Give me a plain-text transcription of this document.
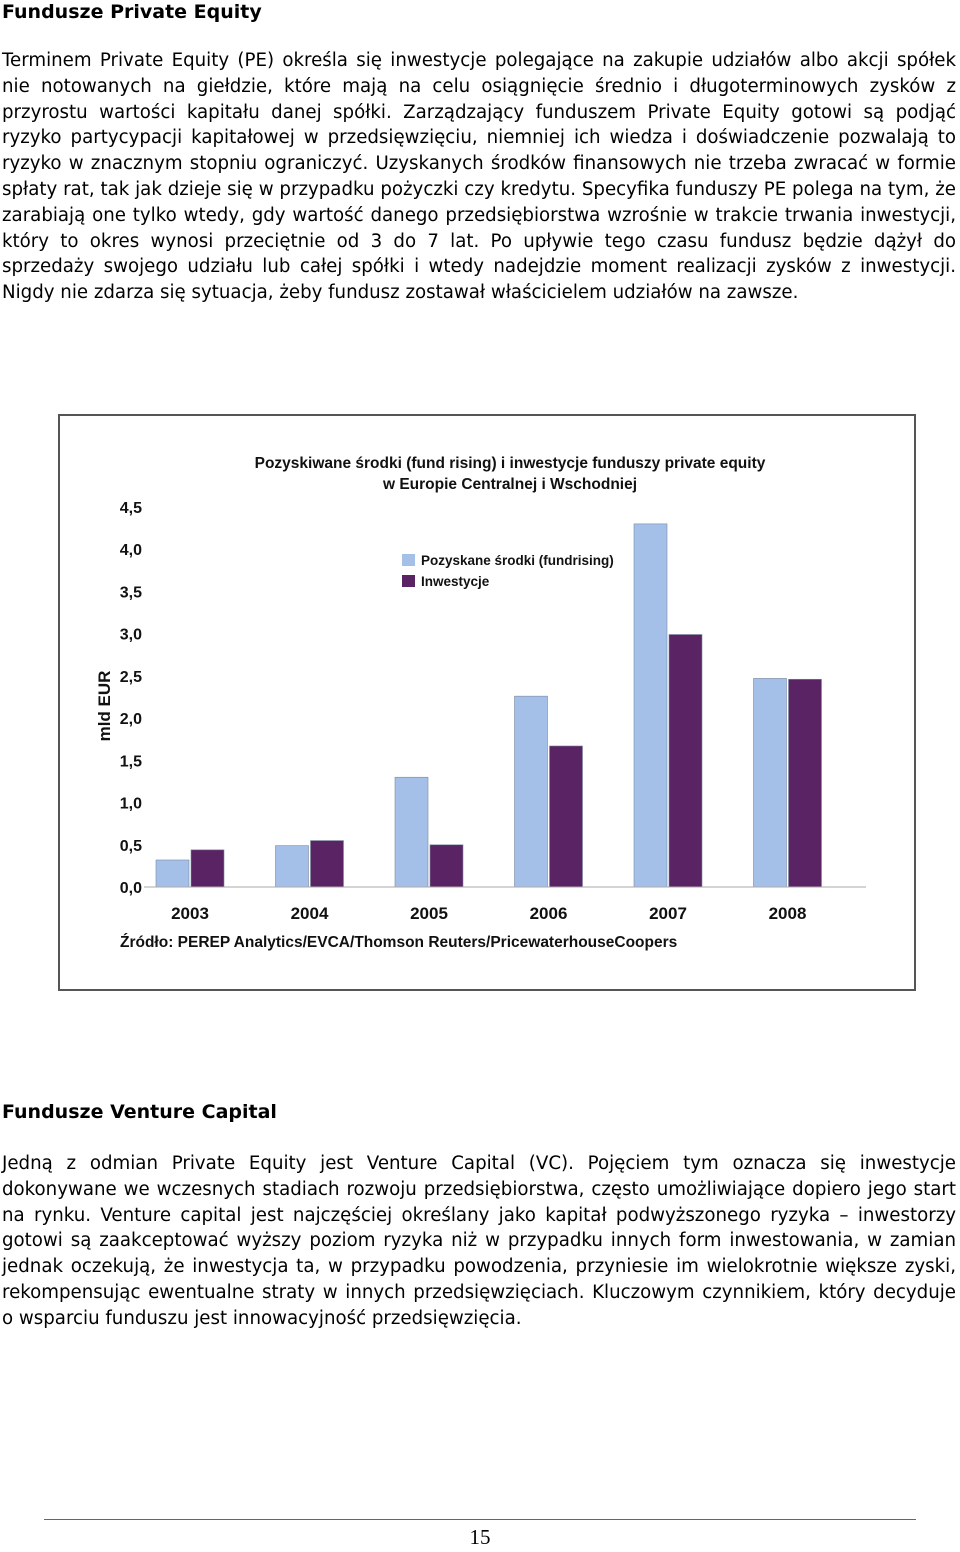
Fundusze Private Equity

Terminem Private Equity (PE) określa się inwestycje polegające na zakupie udziałów albo akcji spółek nie notowanych na giełdzie, które mają na celu osiągnięcie średnio i długoterminowych zysków z przyrostu wartości kapitału danej spółki. Zarządzający funduszem Private Equity gotowi są podjąć ryzyko partycypacji kapitałowej w przedsięwzięciu, niemniej ich wiedza i doświadczenie pozwalają to ryzyko w znacznym stopniu ograniczyć. Uzyskanych środków finansowych nie trzeba zwracać w formie spłaty rat, tak jak dzieje się w przypadku pożyczki czy kredytu. Specyfika funduszy PE polega na tym, że zarabiają one tylko wtedy, gdy wartość danego przedsiębiorstwa wzrośnie w trakcie trwania inwestycji, który to okres wynosi przeciętnie od 3 do 7 lat. Po upływie tego czasu fundusz będzie dążył do sprzedaży swojego udziału lub całej spółki i wtedy nadejdzie moment realizacji zysków z inwestycji. Nigdy nie zdarza się sytuacja, żeby fundusz zostawał właścicielem udziałów na zawsze.

Pozyskiwane środki (fund rising) i inwestycje funduszy private equity
w Europie Centralnej i Wschodniej
mld EUR
0,0
0,5
1,0
1,5
2,0
2,5
3,0
3,5
4,0
4,5
2003	2004	2005	2006	2007	2008
Pozyskane środki (fundrising)
Inwestycje
Źródło: PEREP Analytics/EVCA/Thomson Reuters/PricewaterhouseCoopers
Fundusze Venture Capital

Jedną z odmian Private Equity jest Venture Capital (VC). Pojęciem tym oznacza się inwestycje dokonywane we wczesnych stadiach rozwoju przedsiębiorstwa, często umożliwiające dopiero jego start na rynku. Venture capital jest najczęściej określany jako kapitał podwyższonego ryzyka – inwestorzy gotowi są zaakceptować wyższy poziom ryzyka niż w przypadku innych form inwestowania, w zamian jednak oczekują, że inwestycja ta, w przypadku powodzenia, przyniesie im wielokrotnie większe zyski, rekompensując ewentualne straty w innych przedsięwzięciach. Kluczowym czynnikiem, który decyduje o wsparciu funduszu jest innowacyjność przedsięwzięcia.

15
